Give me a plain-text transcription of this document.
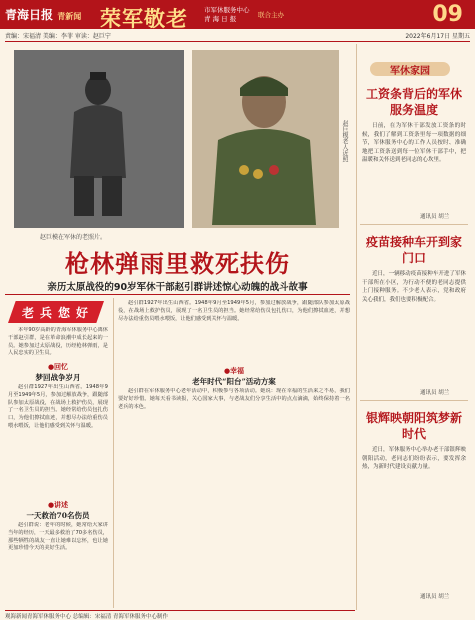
青海日报 青新闻 荣军敬老 市军休服务中心
青 海 日 报	联合主办	09
责编：宋福清 美编：李菲 审读：赵巨宁	2022年6月17日 星期五
赵巨模在军休的老照片。
赵巨模老人近照
枪林弹雨里救死扶伤
亲历太原战役的90岁军休干部赵引群讲述惊心动魄的战斗故事
老兵您好

本年90岁高龄的青海军休服务中心离休干部赵引群，是在革命浪潮中成长起来的一员。她参加过太原战役，历经枪林弹雨，是人民忠实的卫生员。

●回忆
梦回战争岁月

赵引群1927年出生山西省。1948年9月至1949年5月，参加过解放战争，跟随部队参加太原战役，在战场上救护伤员，展现了一名卫生员的担当。她经常给伤员包扎伤口，为他们擦拭血迹，并想尽办法给重伤员喂水喂饭，让他们感受到关怀与温暖。

●讲述
一天救治70名伤员

赵引群说：老年的时候，她常给大家讲当年的经历，一天最多救治了70多名伤员，那些牺牲的战友一直让她难以忘怀，也让她更加珍惜今天的美好生活。

赵引群1927年出生山西省。1948年9月至1949年5月，参加过解放战争，跟随部队参加太原战役，在战场上救护伤员，展现了一名卫生员的担当。她经常给伤员包扎伤口，为他们擦拭血迹，并想尽办法给重伤员喂水喂饭，让他们感受到关怀与温暖。

●幸福
老年时代“阳台”活动方案

赵引群在军休服务中心老年活动中，积极参与各项活动。她说：现在幸福的生活来之不易，我们要好好珍惜。她每天看书读报，关心国家大事，与老战友们分享生活中的点点滴滴，始终保持着一名老兵的本色。

观海新闻青海军休服务中心 总编辑：宋福清 青海军休服务中心制作
军休家园
工资条背后的军休服务温度

日前，在为军休干部发放工资条的时候，我们了解到工资条里每一项数据的细节，军休服务中心的工作人员按时、准确地把工资条送到每一位军休干部手中，把温暖和关怀送到老同志的心坎里。

通讯员 胡兰
疫苗接种车开到家门口

近日，一辆移动疫苗接种车开进了军休干部所在小区，为行动不便的老同志提供上门接种服务。不少老人表示，党和政府关心我们，我们也要积极配合。

通讯员 胡兰
银辉映朝阳筑梦新时代

近日，军休服务中心举办老干部银辉映朝阳活动，老同志们纷纷表示，要发挥余热，为新时代建设贡献力量。

通讯员 胡兰
